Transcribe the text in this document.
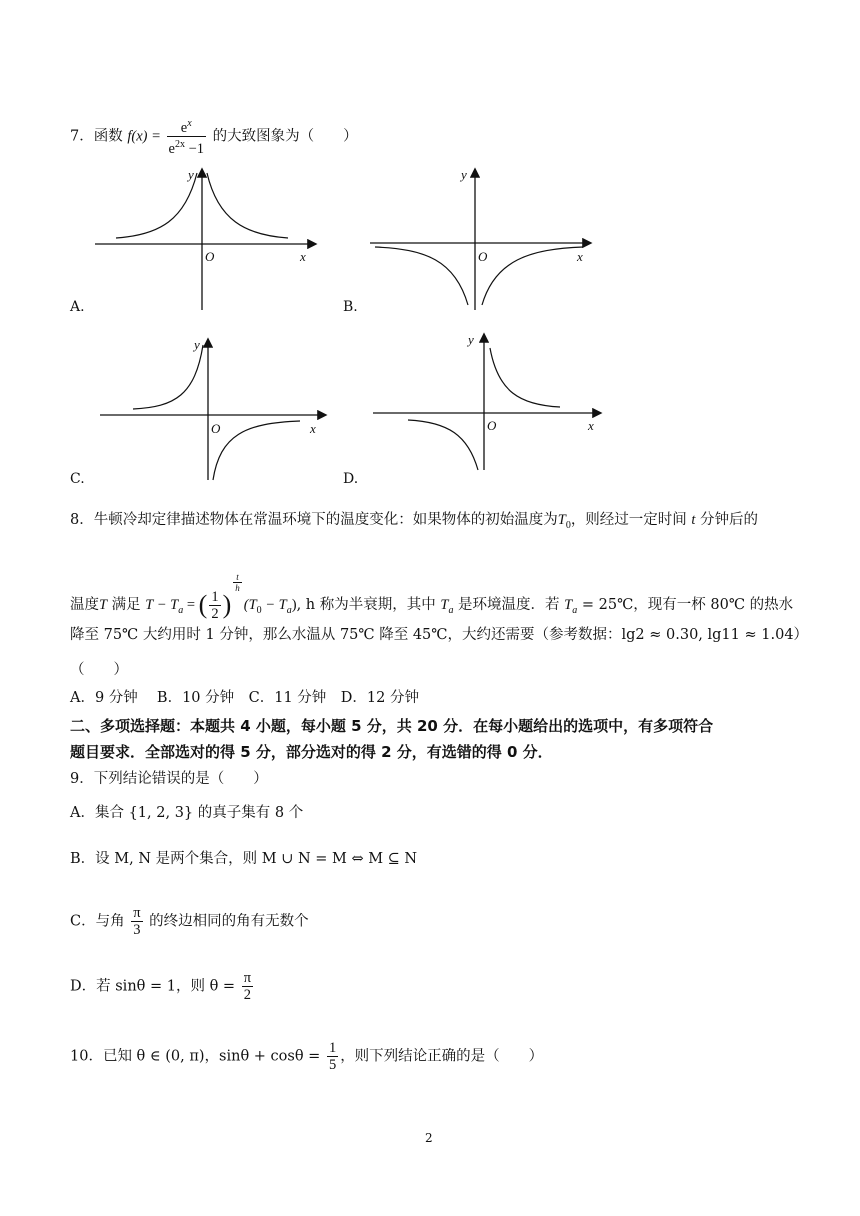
7．函数 $f(x) = \frac{e^x}{e^{2x} -1}$ 的大致图象为（　　）
y
O	x
A.
y
O	x
B.
y
O	x
C.
y
O	x
D.
8．牛顿冷却定律描述物体在常温环境下的温度变化：如果物体的初始温度为$T_0$，则经过一定时间 t 分钟后的
温度T 满足 $T - T_a$ = ( $\frac{1}{2}$ )
$\frac{t}{h}$
$(T_0 - T_a)$, h 称为半衰期，其中 $T_a$ 是环境温度．若 $T_a$ = 25℃，现有一杯 80℃ 的热水
降至 75℃ 大约用时 1 分钟，那么水温从 75℃ 降至 45℃，大约还需要（参考数据：lg2 ≈ 0.30, lg11 ≈ 1.04）
（　　）
A．9 分钟　 B．10 分钟　C．11 分钟　D．12 分钟
二、多项选择题：本题共 4 小题，每小题 5 分，共 20 分．在每小题给出的选项中，有多项符合
题目要求．全部选对的得 5 分，部分选对的得 2 分，有选错的得 0 分．
9．下列结论错误的是（　　）
A．集合 {1, 2, 3} 的真子集有 8 个
B．设 M, N 是两个集合，则 M ∪ N = M ⇔ M ⊆ N
C．与角 $\frac{\pi}{3}$ 的终边相同的角有无数个
D．若 sinθ = 1，则 $\theta = \frac{\pi}{2}$
10．已知 θ ∈ (0, π)，$\sin\theta + \cos\theta = \frac{1}{5}$ ，则下列结论正确的是（　　）
2
